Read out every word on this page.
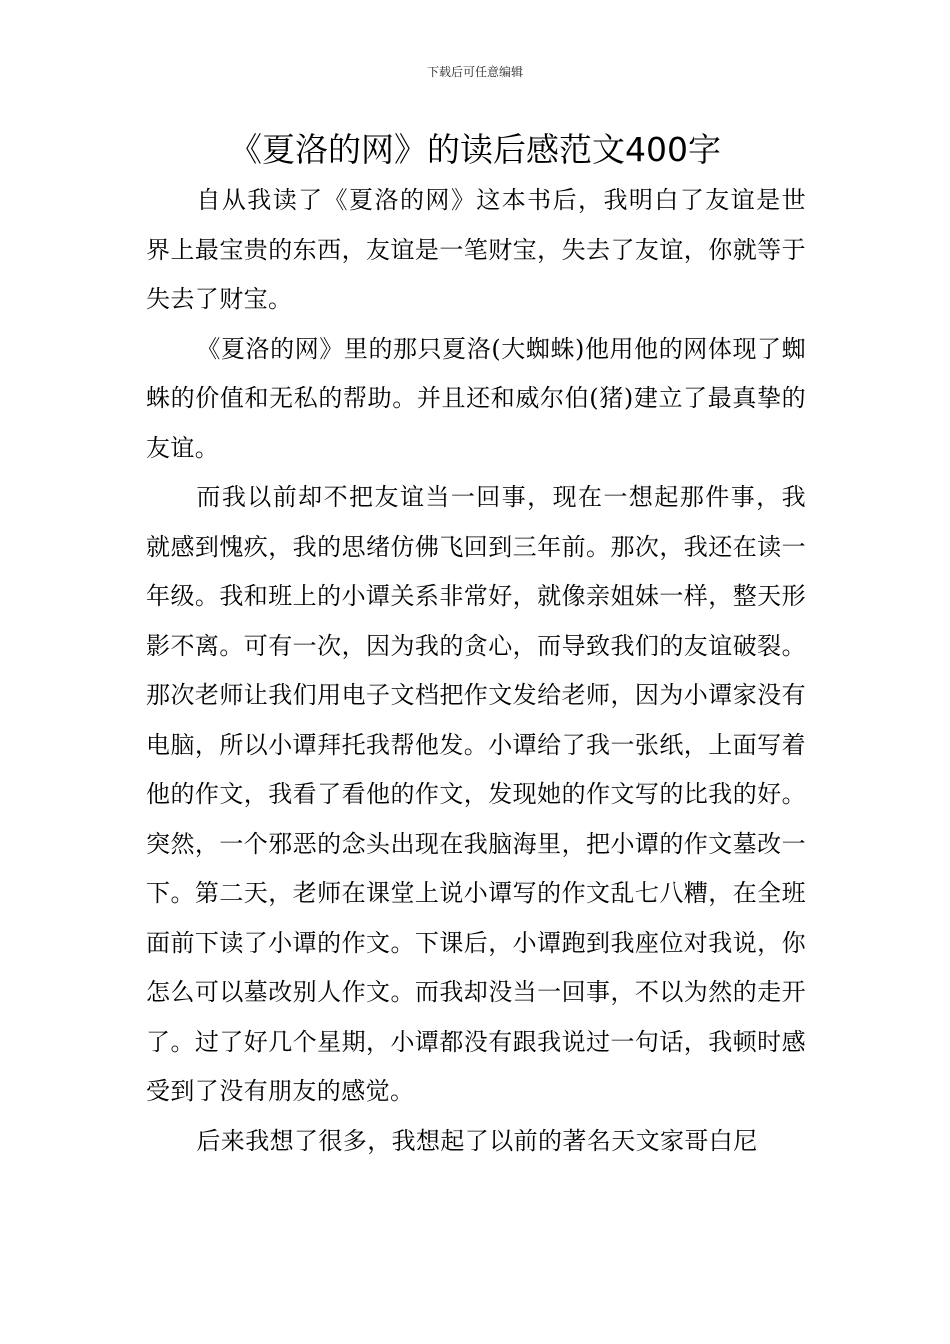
下载后可任意编辑
《夏洛的网》的读后感范文400字

自从我读了《夏洛的网》这本书后，我明白了友谊是世界上最宝贵的东西，友谊是一笔财宝，失去了友谊，你就等于失去了财宝。

《夏洛的网》里的那只夏洛(大蜘蛛)他用他的网体现了蜘蛛的价值和无私的帮助。并且还和威尔伯(猪)建立了最真挚的友谊。

而我以前却不把友谊当一回事，现在一想起那件事，我就感到愧疚，我的思绪仿佛飞回到三年前。那次，我还在读一年级。我和班上的小谭关系非常好，就像亲姐妹一样，整天形影不离。可有一次，因为我的贪心，而导致我们的友谊破裂。那次老师让我们用电子文档把作文发给老师，因为小谭家没有电脑，所以小谭拜托我帮他发。小谭给了我一张纸，上面写着他的作文，我看了看他的作文，发现她的作文写的比我的好。突然，一个邪恶的念头出现在我脑海里，把小谭的作文墓改一下。第二天，老师在课堂上说小谭写的作文乱七八糟，在全班面前下读了小谭的作文。下课后，小谭跑到我座位对我说，你怎么可以墓改别人作文。而我却没当一回事，不以为然的走开了。过了好几个星期，小谭都没有跟我说过一句话，我顿时感受到了没有朋友的感觉。

后来我想了很多，我想起了以前的著名天文家哥白尼
